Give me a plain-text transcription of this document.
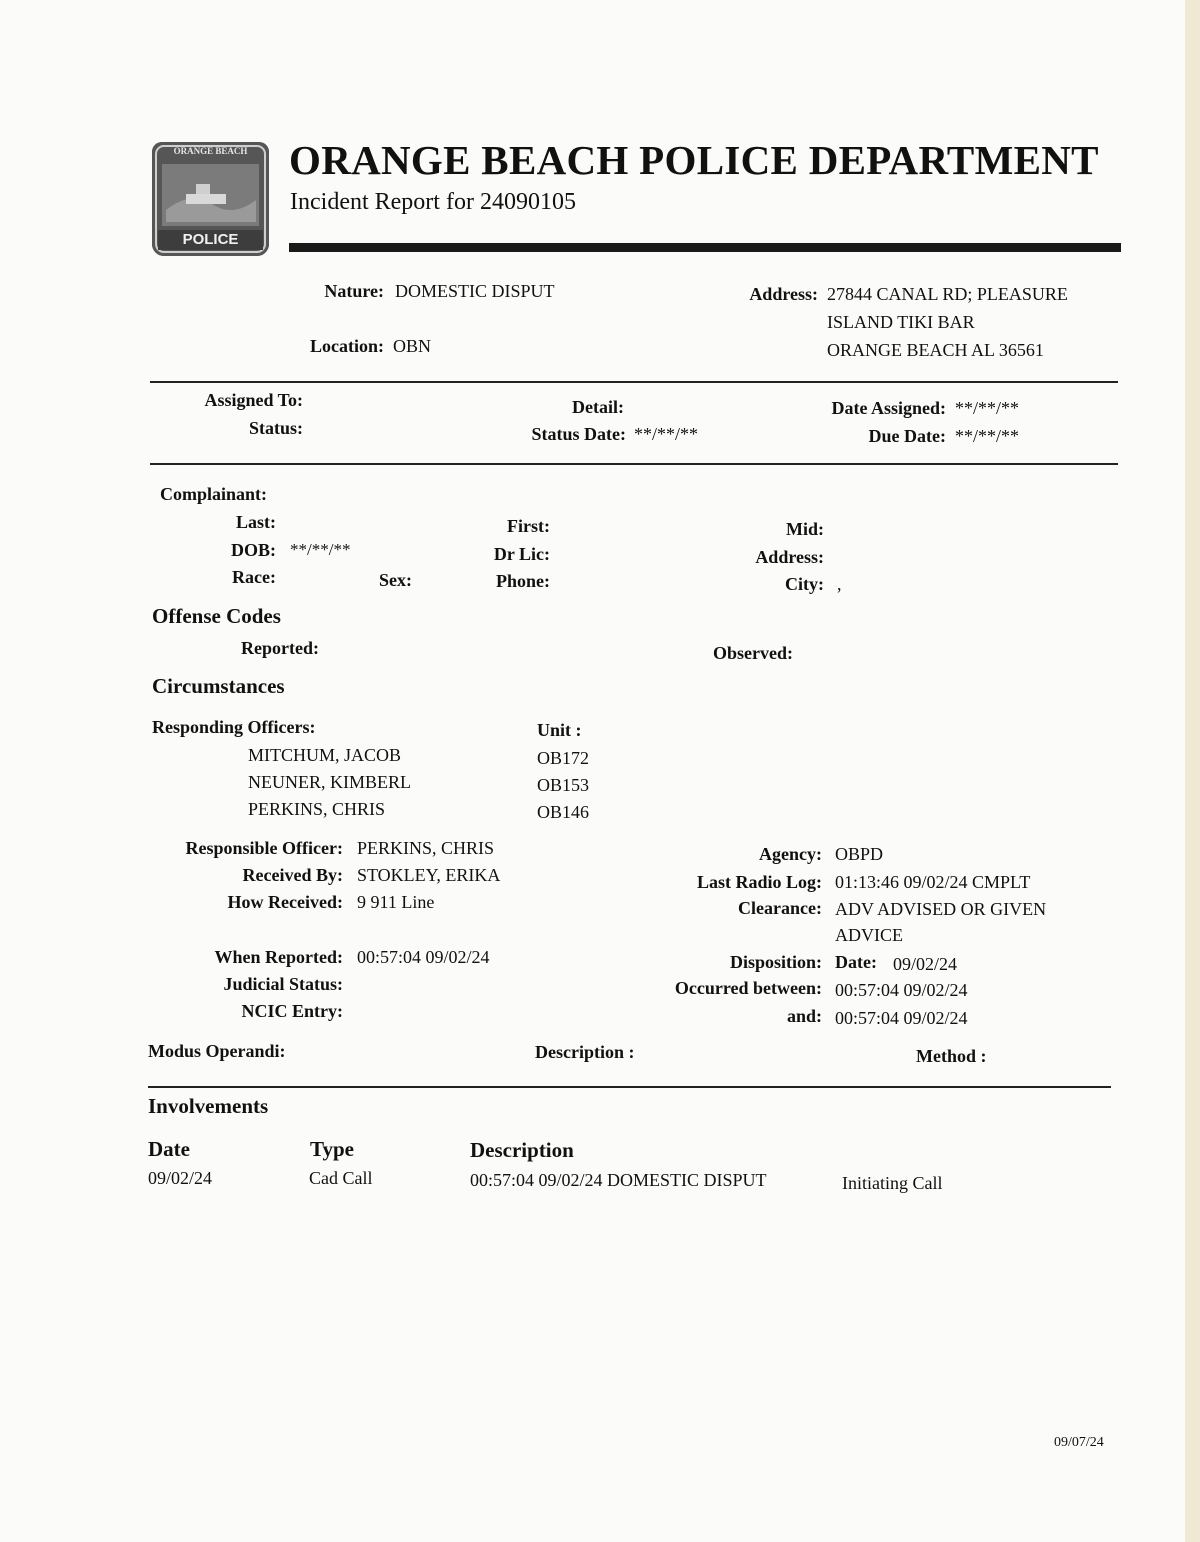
ORANGE BEACH
POLICE
ORANGE BEACH POLICE DEPARTMENT
Incident Report for 24090105
Nature: DOMESTIC DISPUT
Location: OBN
Address: 27844 CANAL RD; PLEASURE
ISLAND TIKI BAR
ORANGE BEACH AL 36561
Assigned To:
Status:
Detail:
Status Date: **/**/**
Date Assigned: **/**/**
Due Date: **/**/**
Complainant:
Last:
DOB: **/**/**
Race:	Sex:
First:
Dr Lic:
Phone:
Mid:
Address:
City: ,
Offense Codes
Reported:	Observed:
Circumstances
Responding Officers:	Unit :
MITCHUM, JACOB	OB172
NEUNER, KIMBERL	OB153
PERKINS, CHRIS	OB146
Responsible Officer: PERKINS, CHRIS
Received By: STOKLEY, ERIKA
How Received: 9 911 Line
When Reported: 00:57:04 09/02/24
Judicial Status:
NCIC Entry:
Agency: OBPD
Last Radio Log: 01:13:46 09/02/24 CMPLT
Clearance: ADV ADVISED OR GIVEN
ADVICE
Disposition: Date: 09/02/24
Occurred between: 00:57:04 09/02/24
and: 00:57:04 09/02/24
Modus Operandi:	Description :	Method :
Involvements
Date	Type	Description
09/02/24	Cad Call	00:57:04 09/02/24 DOMESTIC DISPUT	Initiating Call
09/07/24
